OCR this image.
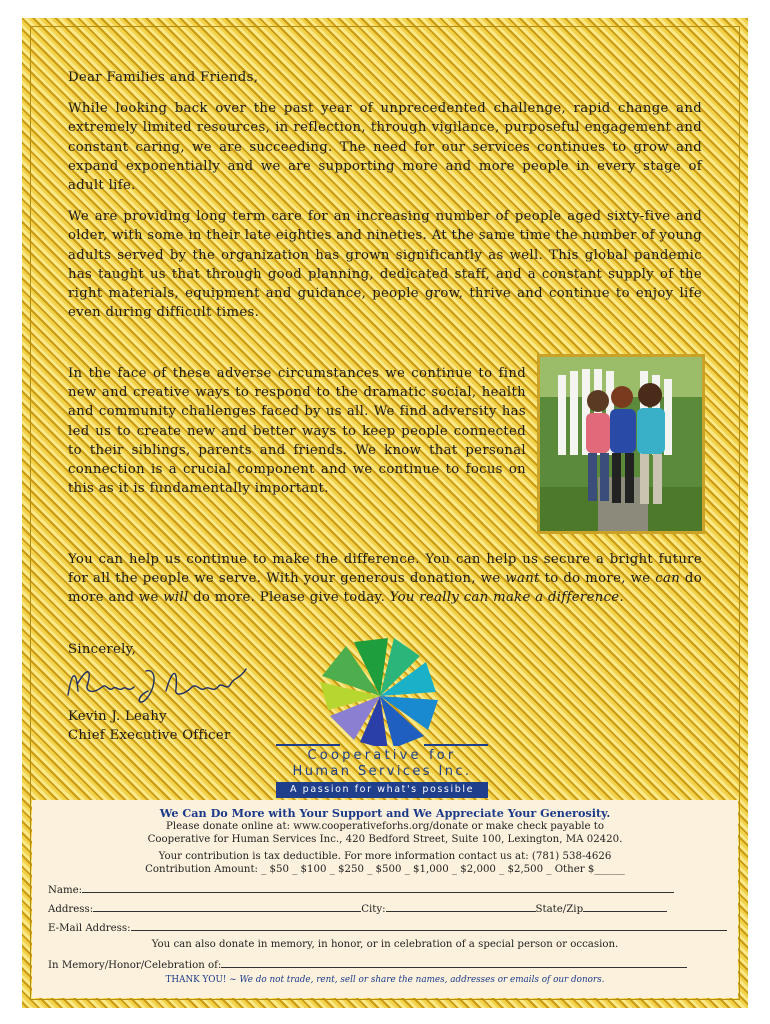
Dear Families and Friends,

While looking back over the past year of unprecedented challenge, rapid change and extremely limited resources, in reflection, through vigilance, purposeful engagement and constant caring, we are succeeding. The need for our services continues to grow and expand exponentially and we are supporting more and more people in every stage of adult life.

We are providing long term care for an increasing number of people aged sixty-five and older, with some in their late eighties and nineties. At the same time the number of young adults served by the organization has grown significantly as well. This global pandemic has taught us that through good planning, dedicated staff, and a constant supply of the right materials, equipment and guidance, people grow, thrive and continue to enjoy life even during difficult times.

In the face of these adverse circumstances we continue to find new and creative ways to respond to the dramatic social, health and community challenges faced by us all. We find adversity has led us to create new and better ways to keep people connected to their siblings, parents and friends. We know that personal connection is a crucial component and we continue to focus on this as it is fundamentally important.

You can help us continue to make the difference. You can help us secure a bright future for all the people we serve. With your generous donation, we want to do more, we can do more and we will do more. Please give today. You really can make a difference.

Sincerely,
Kevin J. Leahy
Chief Executive Officer
Cooperative for
Human Services Inc.
A passion for what's possible
We Can Do More with Your Support and We Appreciate Your Generosity.
Please donate online at: www.cooperativeforhs.org/donate or make check payable to
Cooperative for Human Services Inc., 420 Bedford Street, Suite 100, Lexington, MA 02420.
Your contribution is tax deductible. For more information contact us at: (781) 538-4626
Contribution Amount: _ $50 _ $100 _ $250 _ $500 _ $1,000 _ $2,000 _ $2,500 _ Other $______
Name:
Address:	City:	State/Zip
E-Mail Address:
You can also donate in memory, in honor, or in celebration of a special person or occasion.
In Memory/Honor/Celebration of:
THANK YOU! ~ We do not trade, rent, sell or share the names, addresses or emails of our donors.
